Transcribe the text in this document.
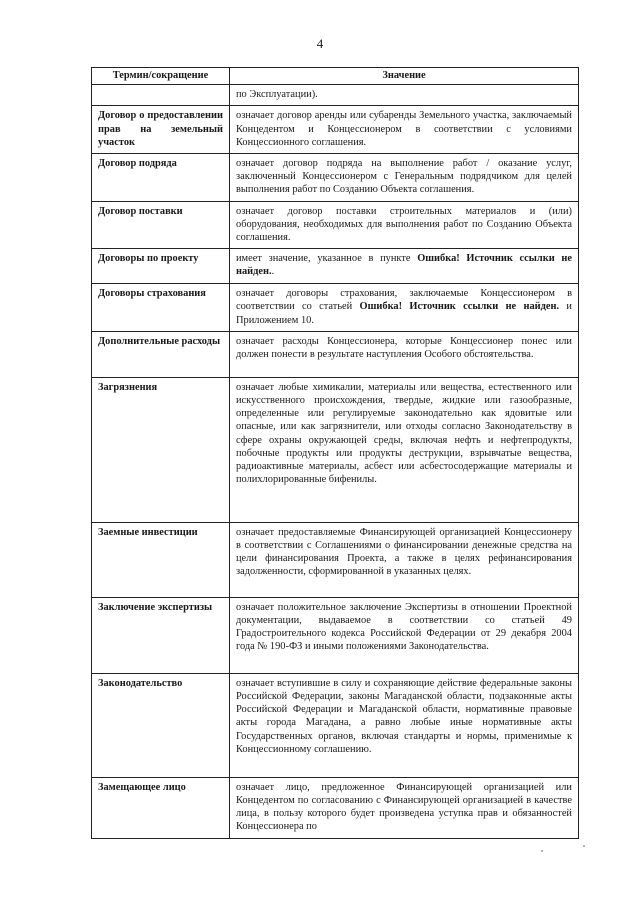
4
Термин/сокращение	Значение
	по Эксплуатации).
Договор о предоставлении прав на земельный участок	означает договор аренды или субаренды Земельного участка, заключаемый Концедентом и Концессионером в соответствии с условиями Концессионного соглашения.
Договор подряда	означает договор подряда на выполнение работ / оказание услуг, заключенный Концессионером с Генеральным подрядчиком для целей выполнения работ по Созданию Объекта соглашения.
Договор поставки	означает договор поставки строительных материалов и (или) оборудования, необходимых для выполнения работ по Созданию Объекта соглашения.
Договоры по проекту	имеет значение, указанное в пункте Ошибка! Источник ссылки не найден..
Договоры страхования	означает договоры страхования, заключаемые Концессионером в соответствии со статьей Ошибка! Источник ссылки не найден. и Приложением 10.
Дополнительные расходы	означает расходы Концессионера, которые Концессионер понес или должен понести в результате наступления Особого обстоятельства.
Загрязнения	означает любые химикалии, материалы или вещества, естественного или искусственного происхождения, твердые, жидкие или газообразные, определенные или регулируемые законодательно как ядовитые или опасные, или как загрязнители, или отходы согласно Законодательству в сфере охраны окружающей среды, включая нефть и нефтепродукты, побочные продукты или продукты деструкции, взрывчатые вещества, радиоактивные материалы, асбест или асбестосодержащие материалы и полихлорированные бифенилы.
Заемные инвестиции	означает предоставляемые Финансирующей организацией Концессионеру в соответствии с Соглашениями о финансировании денежные средства на цели финансирования Проекта, а также в целях рефинансирования задолженности, сформированной в указанных целях.
Заключение экспертизы	означает положительное заключение Экспертизы в отношении Проектной документации, выдаваемое в соответствии со статьей 49 Градостроительного кодекса Российской Федерации от 29 декабря 2004 года № 190-ФЗ и иными положениями Законодательства.
Законодательство	означает вступившие в силу и сохраняющие действие федеральные законы Российской Федерации, законы Магаданской области, подзаконные акты Российской Федерации и Магаданской области, нормативные правовые акты города Магадана, а равно любые иные нормативные акты Государственных органов, включая стандарты и нормы, применимые к Концессионному соглашению.
Замещающее лицо	означает лицо, предложенное Финансирующей организацией или Концедентом по согласованию с Финансирующей организацией в качестве лица, в пользу которого будет произведена уступка прав и обязанностей Концессионера по
